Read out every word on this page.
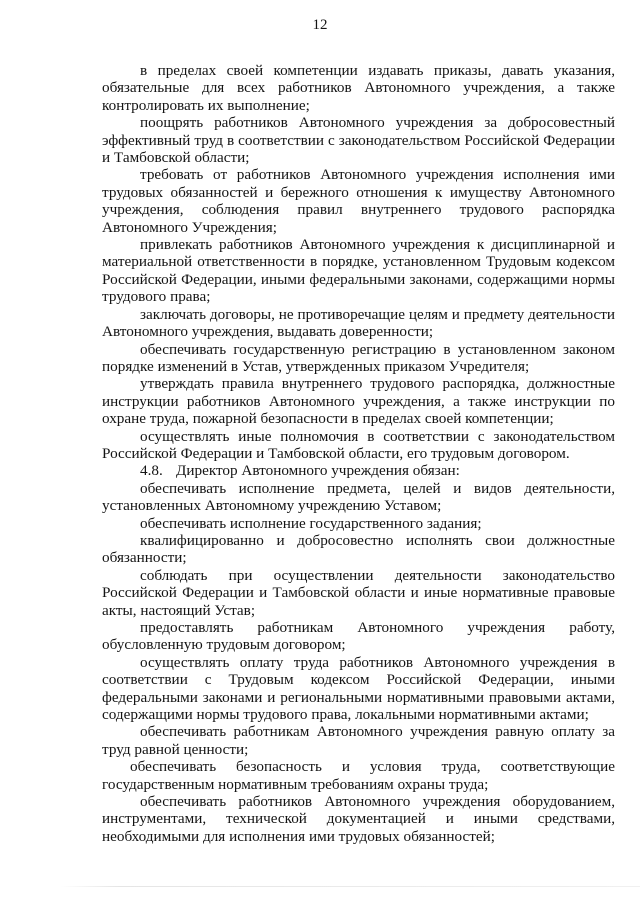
12

в пределах своей компетенции издавать приказы, давать указания, обязательные для всех работников Автономного учреждения, а также контролировать их выполнение;

поощрять работников Автономного учреждения за добросовестный эффективный труд в соответствии с законодательством Российской Федерации и Тамбовской области;

требовать от работников Автономного учреждения исполнения ими трудовых обязанностей и бережного отношения к имуществу Автономного учреждения, соблюдения правил внутреннего трудового распорядка Автономного Учреждения;

привлекать работников Автономного учреждения к дисциплинарной и материальной ответственности в порядке, установленном Трудовым кодексом Российской Федерации, иными федеральными законами, содержащими нормы трудового права;

заключать договоры, не противоречащие целям и предмету деятельности Автономного учреждения, выдавать доверенности;

обеспечивать государственную регистрацию в установленном законом порядке изменений в Устав, утвержденных приказом Учредителя;

утверждать правила внутреннего трудового распорядка, должностные инструкции работников Автономного учреждения, а также инструкции по охране труда, пожарной безопасности в пределах своей компетенции;

осуществлять иные полномочия в соответствии с законодательством Российской Федерации и Тамбовской области, его трудовым договором.

4.8. Директор Автономного учреждения обязан:

обеспечивать исполнение предмета, целей и видов деятельности, установленных Автономному учреждению Уставом;

обеспечивать исполнение государственного задания;

квалифицированно и добросовестно исполнять свои должностные обязанности;

соблюдать при осуществлении деятельности законодательство Российской Федерации и Тамбовской области и иные нормативные правовые акты, настоящий Устав;

предоставлять работникам Автономного учреждения работу, обусловленную трудовым договором;

осуществлять оплату труда работников Автономного учреждения в соответствии с Трудовым кодексом Российской Федерации, иными федеральными законами и региональными нормативными правовыми актами, содержащими нормы трудового права, локальными нормативными актами;

обеспечивать работникам Автономного учреждения равную оплату за труд равной ценности;

обеспечивать безопасность и условия труда, соответствующие государственным нормативным требованиям охраны труда;

обеспечивать работников Автономного учреждения оборудованием, инструментами, технической документацией и иными средствами, необходимыми для исполнения ими трудовых обязанностей;
